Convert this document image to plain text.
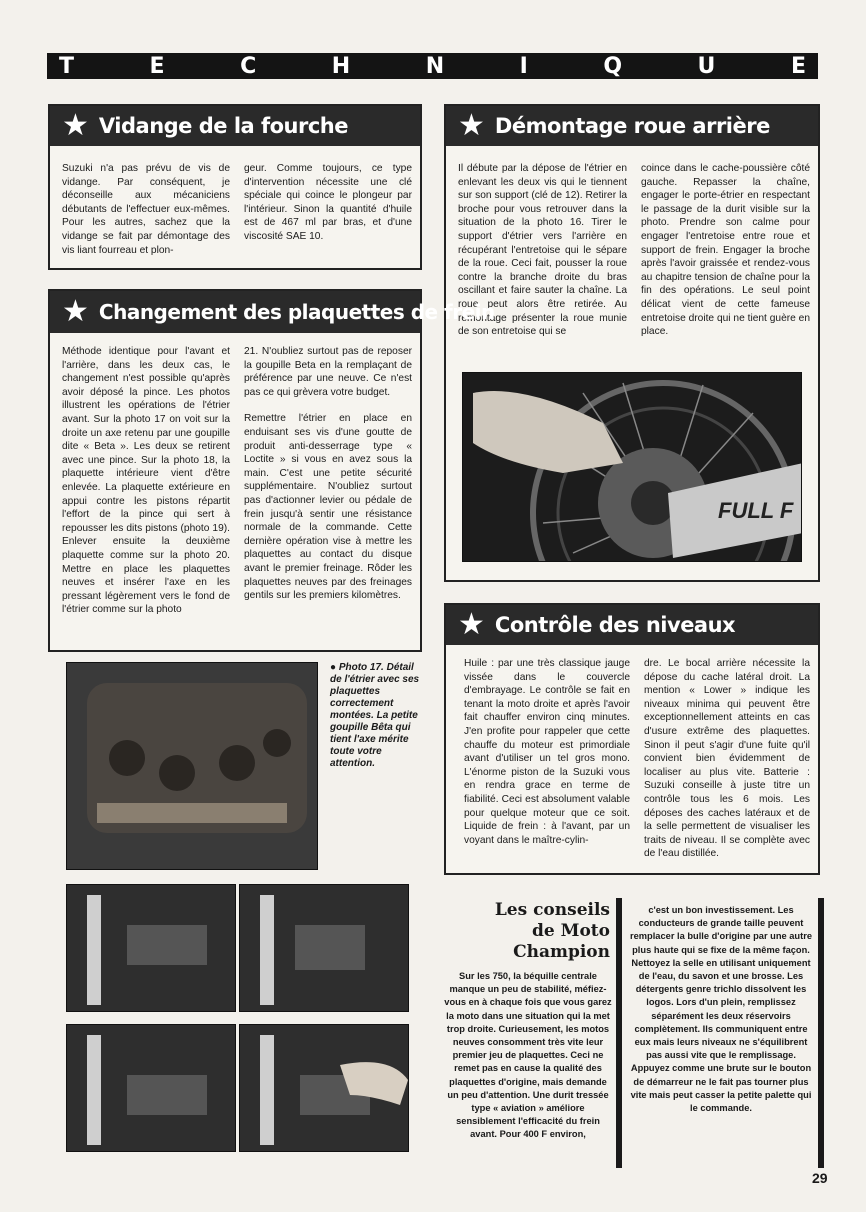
T	E	C	H	N	I	Q	U	E
★ Vidange de la fourche

Suzuki n'a pas prévu de vis de vidange. Par conséquent, je déconseille aux mécaniciens débutants de l'effectuer eux-mêmes. Pour les autres, sachez que la vidange se fait par démontage des vis liant fourreau et plon-

geur. Comme toujours, ce type d'intervention nécessite une clé spéciale qui coince le plongeur par l'intérieur. Sinon la quantité d'huile est de 467 ml par bras, et d'une viscosité SAE 10.

★ Démontage roue arrière

Il débute par la dépose de l'étrier en enlevant les deux vis qui le tiennent sur son support (clé de 12). Retirer la broche pour vous retrouver dans la situation de la photo 16. Tirer le support d'étrier vers l'arrière en récupérant l'entretoise qui le sépare de la roue. Ceci fait, pousser la roue contre la branche droite du bras oscillant et faire sauter la chaîne. La roue peut alors être retirée. Au remontage présenter la roue munie de son entretoise qui se

coince dans le cache-poussière côté gauche. Repasser la chaîne, engager le porte-étrier en respectant le passage de la durit visible sur la photo. Prendre son calme pour engager l'entretoise entre roue et support de frein. Engager la broche après l'avoir graissée et rendez-vous au chapitre tension de chaîne pour la fin des opérations. Le seul point délicat vient de cette fameuse entretoise droite qui ne tient guère en place.

FULL F
★ Changement des plaquettes de frein

Méthode identique pour l'avant et l'arrière, dans les deux cas, le changement n'est possible qu'après avoir déposé la pince. Les photos illustrent les opérations de l'étrier avant. Sur la photo 17 on voit sur la droite un axe retenu par une goupille dite « Beta ». Les deux se retirent avec une pince. Sur la photo 18, la plaquette intérieure vient d'être enlevée. La plaquette extérieure en appui contre les pistons répartit l'effort de la pince qui sert à repousser les dits pistons (photo 19). Enlever ensuite la deuxième plaquette comme sur la photo 20. Mettre en place les plaquettes neuves et insérer l'axe en les pressant légèrement vers le fond de l'étrier comme sur la photo

21. N'oubliez surtout pas de reposer la goupille Beta en la remplaçant de préférence par une neuve. Ce n'est pas ce qui grèvera votre budget.

Remettre l'étrier en place en enduisant ses vis d'une goutte de produit anti-desserrage type « Loctite » si vous en avez sous la main. C'est une petite sécurité supplémentaire. N'oubliez surtout pas d'actionner levier ou pédale de frein jusqu'à sentir une résistance normale de la commande. Cette dernière opération vise à mettre les plaquettes au contact du disque avant le premier freinage. Rôder les plaquettes neuves par des freinages gentils sur les premiers kilomètres.

● Photo 17. Détail de l'étrier avec ses plaquettes correctement montées. La petite goupille Bêta qui tient l'axe mérite toute votre attention.
★ Contrôle des niveaux

Huile : par une très classique jauge vissée dans le couvercle d'embrayage. Le contrôle se fait en tenant la moto droite et après l'avoir fait chauffer environ cinq minutes. J'en profite pour rappeler que cette chauffe du moteur est primordiale avant d'utiliser un tel gros mono. L'énorme piston de la Suzuki vous en rendra grace en terme de fiabilité. Ceci est absolument valable pour quelque moteur que ce soit. Liquide de frein : à l'avant, par un voyant dans le maître-cylin-

dre. Le bocal arrière nécessite la dépose du cache latéral droit. La mention « Lower » indique les niveaux minima qui peuvent être exceptionnellement atteints en cas d'usure extrême des plaquettes. Sinon il peut s'agir d'une fuite qu'il convient bien évidemment de localiser au plus vite. Batterie : Suzuki conseille à juste titre un contrôle tous les 6 mois. Les déposes des caches latéraux et de la selle permettent de visualiser les traits de niveau. Il se complète avec de l'eau distillée.

Les conseils
de Moto
Champion

Sur les 750, la béquille centrale manque un peu de stabilité, méfiez-vous en à chaque fois que vous garez la moto dans une situation qui la met trop droite. Curieusement, les motos neuves consomment très vite leur premier jeu de plaquettes. Ceci ne remet pas en cause la qualité des plaquettes d'origine, mais demande un peu d'attention. Une durit tressée type « aviation » améliore sensiblement l'efficacité du frein avant. Pour 400 F environ,

c'est un bon investissement. Les conducteurs de grande taille peuvent remplacer la bulle d'origine par une autre plus haute qui se fixe de la même façon. Nettoyez la selle en utilisant uniquement de l'eau, du savon et une brosse. Les détergents genre trichlo dissolvent les logos. Lors d'un plein, remplissez séparément les deux réservoirs complètement. Ils communiquent entre eux mais leurs niveaux ne s'équilibrent pas aussi vite que le remplissage. Appuyez comme une brute sur le bouton de démarreur ne le fait pas tourner plus vite mais peut casser la petite palette qui le commande.

29
